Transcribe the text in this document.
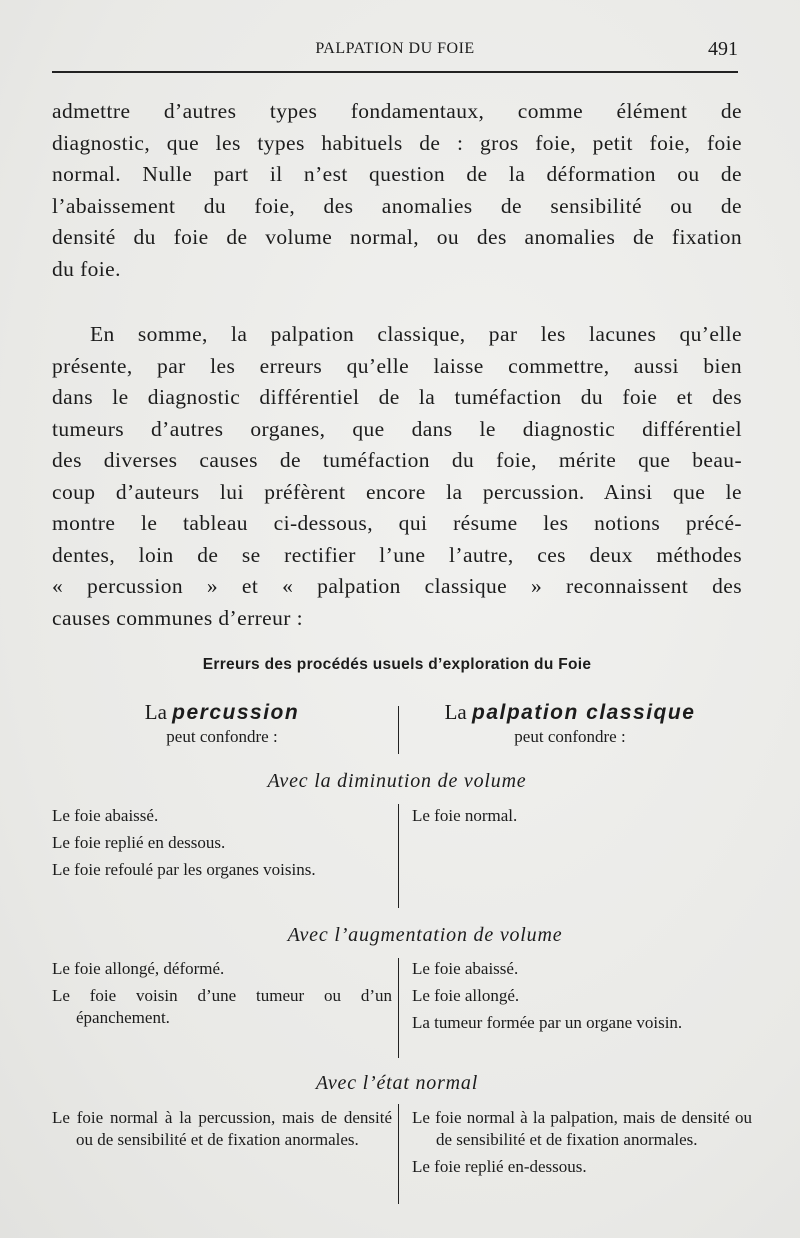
PALPATION DU FOIE	491
admettre d’autres types fondamentaux, comme élément de
diagnostic, que les types habituels de : gros foie, petit foie, foie
normal. Nulle part il n’est question de la déformation ou de
l’abaissement du foie, des anomalies de sensibilité ou de
densité du foie de volume normal, ou des anomalies de fixation
du foie.
En somme, la palpation classique, par les lacunes qu’elle
présente, par les erreurs qu’elle laisse commettre, aussi bien
dans le diagnostic différentiel de la tuméfaction du foie et des
tumeurs d’autres organes, que dans le diagnostic différentiel
des diverses causes de tuméfaction du foie, mérite que beau-
coup d’auteurs lui préfèrent encore la percussion. Ainsi que le
montre le tableau ci-dessous, qui résume les notions précé-
dentes, loin de se rectifier l’une l’autre, ces deux méthodes
« percussion » et « palpation classique » reconnaissent des
causes communes d’erreur :
Erreurs des procédés usuels d’exploration du Foie
La percussion
peut confondre :
La palpation classique
peut confondre :
Avec la diminution de volume
Le foie abaissé.
Le foie replié en dessous.
Le foie refoulé par les organes voisins.
Le foie normal.
Avec l’augmentation de volume
Le foie allongé, déformé.
Le foie voisin d’une tumeur ou d’un épanchement.
Le foie abaissé.
Le foie allongé.
La tumeur formée par un organe voisin.
Avec l’état normal
Le foie normal à la percussion, mais de densité ou de sensibilité et de fixation anormales.
Le foie normal à la palpation, mais de densité ou de sensibilité et de fixation anormales.
Le foie replié en-dessous.
